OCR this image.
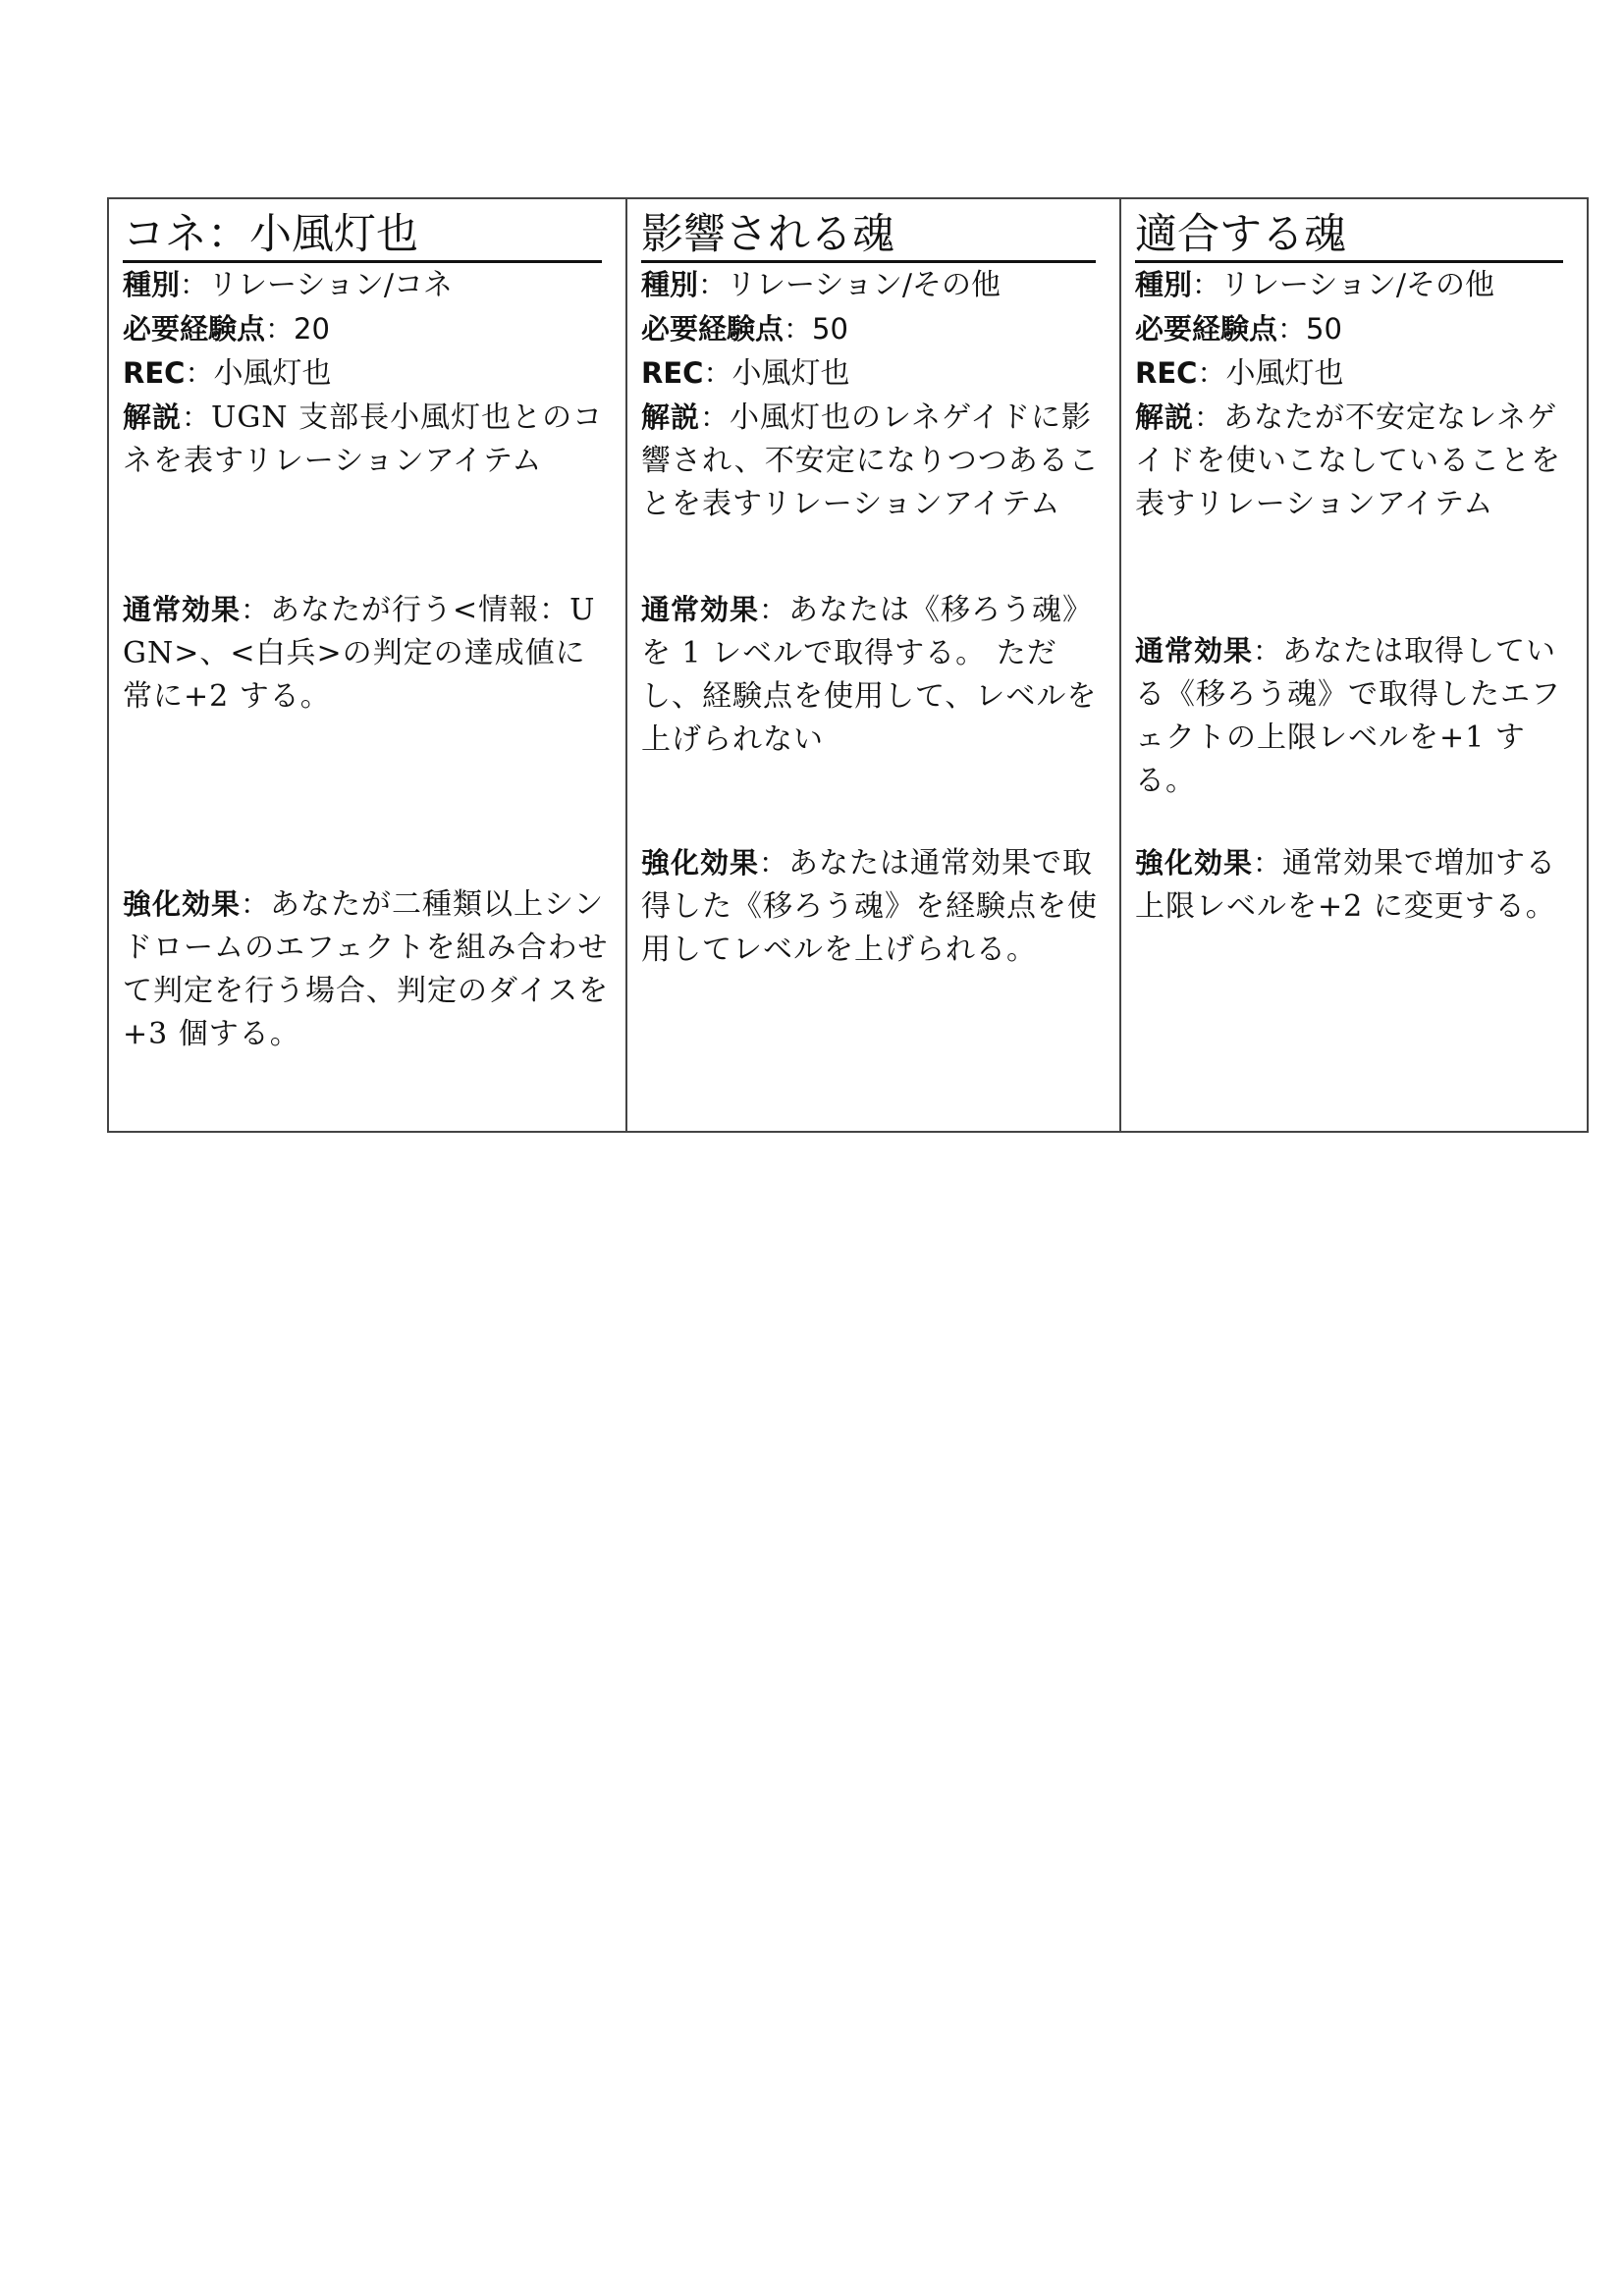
コネ：小風灯也

種別：リレーション/コネ

必要経験点：20

REC：小風灯也

解説：UGN 支部長小風灯也とのコネを表すリレーションアイテム

通常効果：あなたが行う<情報：UGN>、<白兵>の判定の達成値に常に+2 する。

強化効果：あなたが二種類以上シンドロームのエフェクトを組み合わせて判定を行う場合、判定のダイスを+3 個する。

影響される魂

種別：リレーション/その他

必要経験点：50

REC：小風灯也

解説：小風灯也のレネゲイドに影響され、不安定になりつつあることを表すリレーションアイテム

通常効果：あなたは《移ろう魂》を 1 レベルで取得する。 ただし、経験点を使用して、レベルを上げられない

強化効果：あなたは通常効果で取得した《移ろう魂》を経験点を使用してレベルを上げられる。

適合する魂

種別：リレーション/その他

必要経験点：50

REC：小風灯也

解説：あなたが不安定なレネゲイドを使いこなしていることを表すリレーションアイテム

通常効果：あなたは取得している《移ろう魂》で取得したエフェクトの上限レベルを+1 する。

強化効果：通常効果で増加する上限レベルを+2 に変更する。
